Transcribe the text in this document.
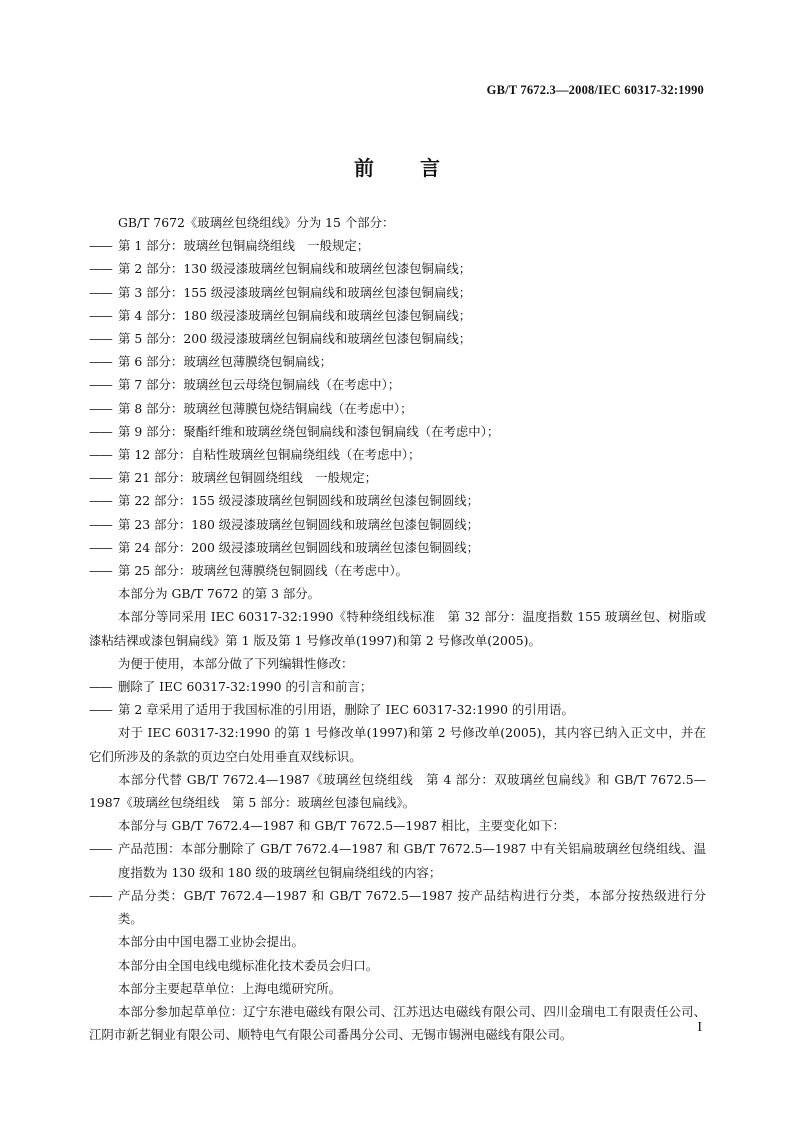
GB/T 7672.3—2008/IEC 60317-32:1990
前言

GB/T 7672《玻璃丝包绕组线》分为 15 个部分：

—— 第 1 部分：玻璃丝包铜扁绕组线　一般规定；
—— 第 2 部分：130 级浸漆玻璃丝包铜扁线和玻璃丝包漆包铜扁线；
—— 第 3 部分：155 级浸漆玻璃丝包铜扁线和玻璃丝包漆包铜扁线；
—— 第 4 部分：180 级浸漆玻璃丝包铜扁线和玻璃丝包漆包铜扁线；
—— 第 5 部分：200 级浸漆玻璃丝包铜扁线和玻璃丝包漆包铜扁线；
—— 第 6 部分：玻璃丝包薄膜绕包铜扁线；
—— 第 7 部分：玻璃丝包云母绕包铜扁线（在考虑中）；
—— 第 8 部分：玻璃丝包薄膜包烧结铜扁线（在考虑中）；
—— 第 9 部分：聚酯纤维和玻璃丝绕包铜扁线和漆包铜扁线（在考虑中）；
—— 第 12 部分：自粘性玻璃丝包铜扁绕组线（在考虑中）；
—— 第 21 部分：玻璃丝包铜圆绕组线　一般规定；
—— 第 22 部分：155 级浸漆玻璃丝包铜圆线和玻璃丝包漆包铜圆线；
—— 第 23 部分：180 级浸漆玻璃丝包铜圆线和玻璃丝包漆包铜圆线；
—— 第 24 部分：200 级浸漆玻璃丝包铜圆线和玻璃丝包漆包铜圆线；
—— 第 25 部分：玻璃丝包薄膜绕包铜圆线（在考虑中）。

本部分为 GB/T 7672 的第 3 部分。

本部分等同采用 IEC 60317-32:1990《特种绕组线标准　第 32 部分：温度指数 155 玻璃丝包、树脂或漆粘结裸或漆包铜扁线》第 1 版及第 1 号修改单(1997)和第 2 号修改单(2005)。

为便于使用，本部分做了下列编辑性修改：

—— 删除了 IEC 60317-32:1990 的引言和前言；
—— 第 2 章采用了适用于我国标准的引用语，删除了 IEC 60317-32:1990 的引用语。

对于 IEC 60317-32:1990 的第 1 号修改单(1997)和第 2 号修改单(2005)，其内容已纳入正文中，并在它们所涉及的条款的页边空白处用垂直双线标识。

本部分代替 GB/T 7672.4—1987《玻璃丝包绕组线　第 4 部分：双玻璃丝包扁线》和 GB/T 7672.5—1987《玻璃丝包绕组线　第 5 部分：玻璃丝包漆包扁线》。

本部分与 GB/T 7672.4—1987 和 GB/T 7672.5—1987 相比，主要变化如下：

—— 产品范围：本部分删除了 GB/T 7672.4—1987 和 GB/T 7672.5—1987 中有关铝扁玻璃丝包绕组线、温度指数为 130 级和 180 级的玻璃丝包铜扁绕组线的内容；
—— 产品分类：GB/T 7672.4—1987 和 GB/T 7672.5—1987 按产品结构进行分类，本部分按热级进行分类。

本部分由中国电器工业协会提出。

本部分由全国电线电缆标准化技术委员会归口。

本部分主要起草单位：上海电缆研究所。

本部分参加起草单位：辽宁东港电磁线有限公司、江苏迅达电磁线有限公司、四川金瑞电工有限责任公司、江阴市新艺铜业有限公司、顺特电气有限公司番禺分公司、无锡市锡洲电磁线有限公司。	I
